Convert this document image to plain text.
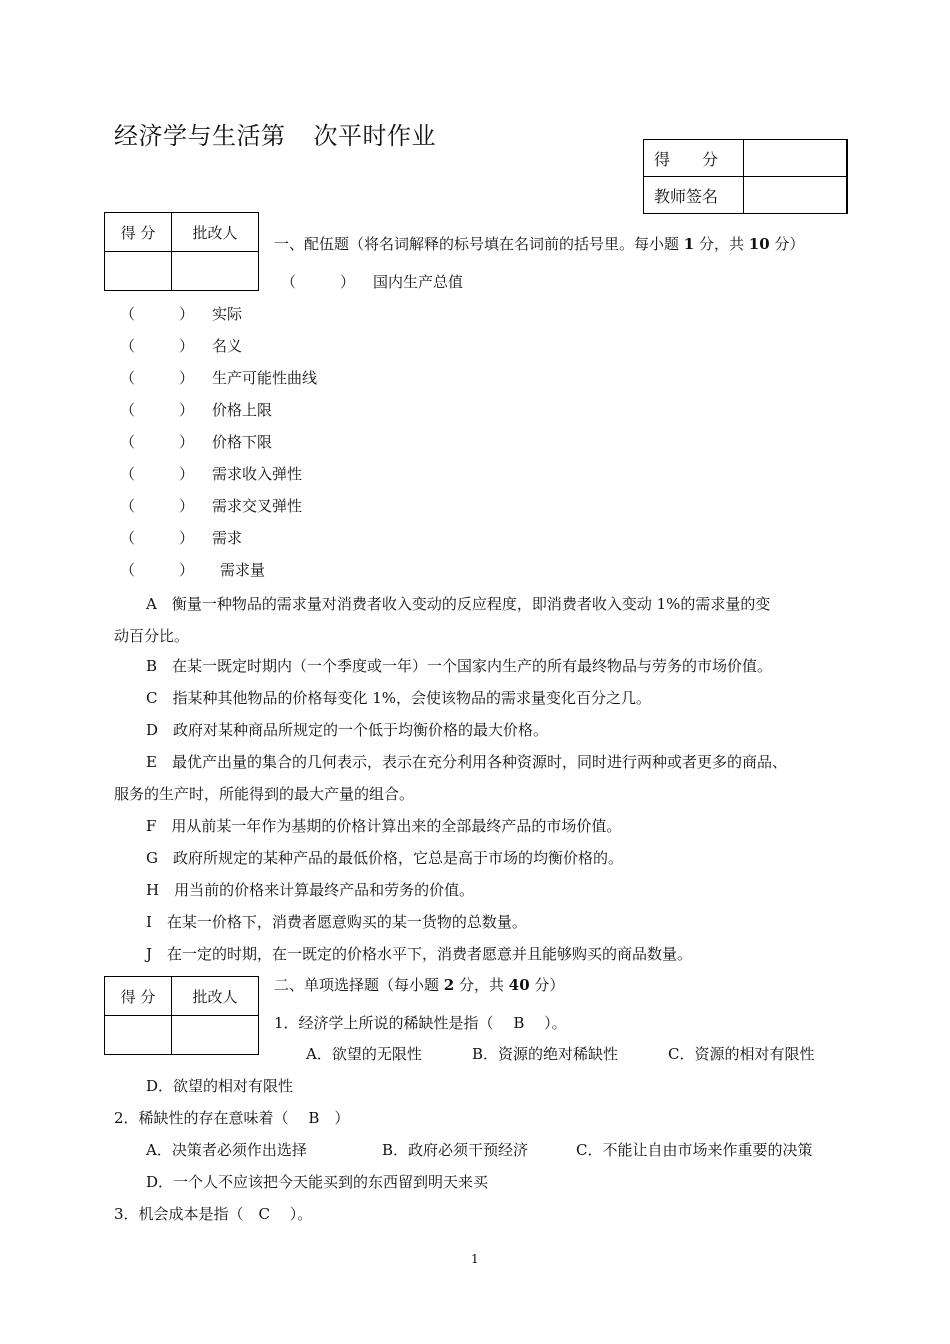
经济学与生活第 次平时作业
得　　分	
教师签名	
得 分	批改人

一、配伍题（将名词解释的标号填在名词前的括号里。每小题 1 分，共 10 分）
（	） 国内生产总值
（	） 实际
（	） 名义
（	） 生产可能性曲线
（	） 价格上限
（	） 价格下限
（	） 需求收入弹性
（	） 需求交叉弹性
（	） 需求
（	） 需求量
A　衡量一种物品的需求量对消费者收入变动的反应程度，即消费者收入变动 1%的需求量的变
动百分比。
B　在某一既定时期内（一个季度或一年）一个国家内生产的所有最终物品与劳务的市场价值。
C　指某种其他物品的价格每变化 1%，会使该物品的需求量变化百分之几。
D　政府对某种商品所规定的一个低于均衡价格的最大价格。
E　最优产出量的集合的几何表示，表示在充分利用各种资源时，同时进行两种或者更多的商品、
服务的生产时，所能得到的最大产量的组合。
F　用从前某一年作为基期的价格计算出来的全部最终产品的市场价值。
G　政府所规定的某种产品的最低价格，它总是高于市场的均衡价格的。
H　用当前的价格来计算最终产品和劳务的价值。
I　在某一价格下，消费者愿意购买的某一货物的总数量。
J　在一定的时期，在一既定的价格水平下，消费者愿意并且能够购买的商品数量。
得 分	批改人

二、单项选择题（每小题 2 分，共 40 分）
1．经济学上所说的稀缺性是指（　 B　 ）。
A．欲望的无限性	B．资源的绝对稀缺性	C．资源的相对有限性
D．欲望的相对有限性
2．稀缺性的存在意味着（　 B　）
A．决策者必须作出选择	B．政府必须干预经济	C．不能让自由市场来作重要的决策
D．一个人不应该把今天能买到的东西留到明天来买
3．机会成本是指（　C　 ）。
1
